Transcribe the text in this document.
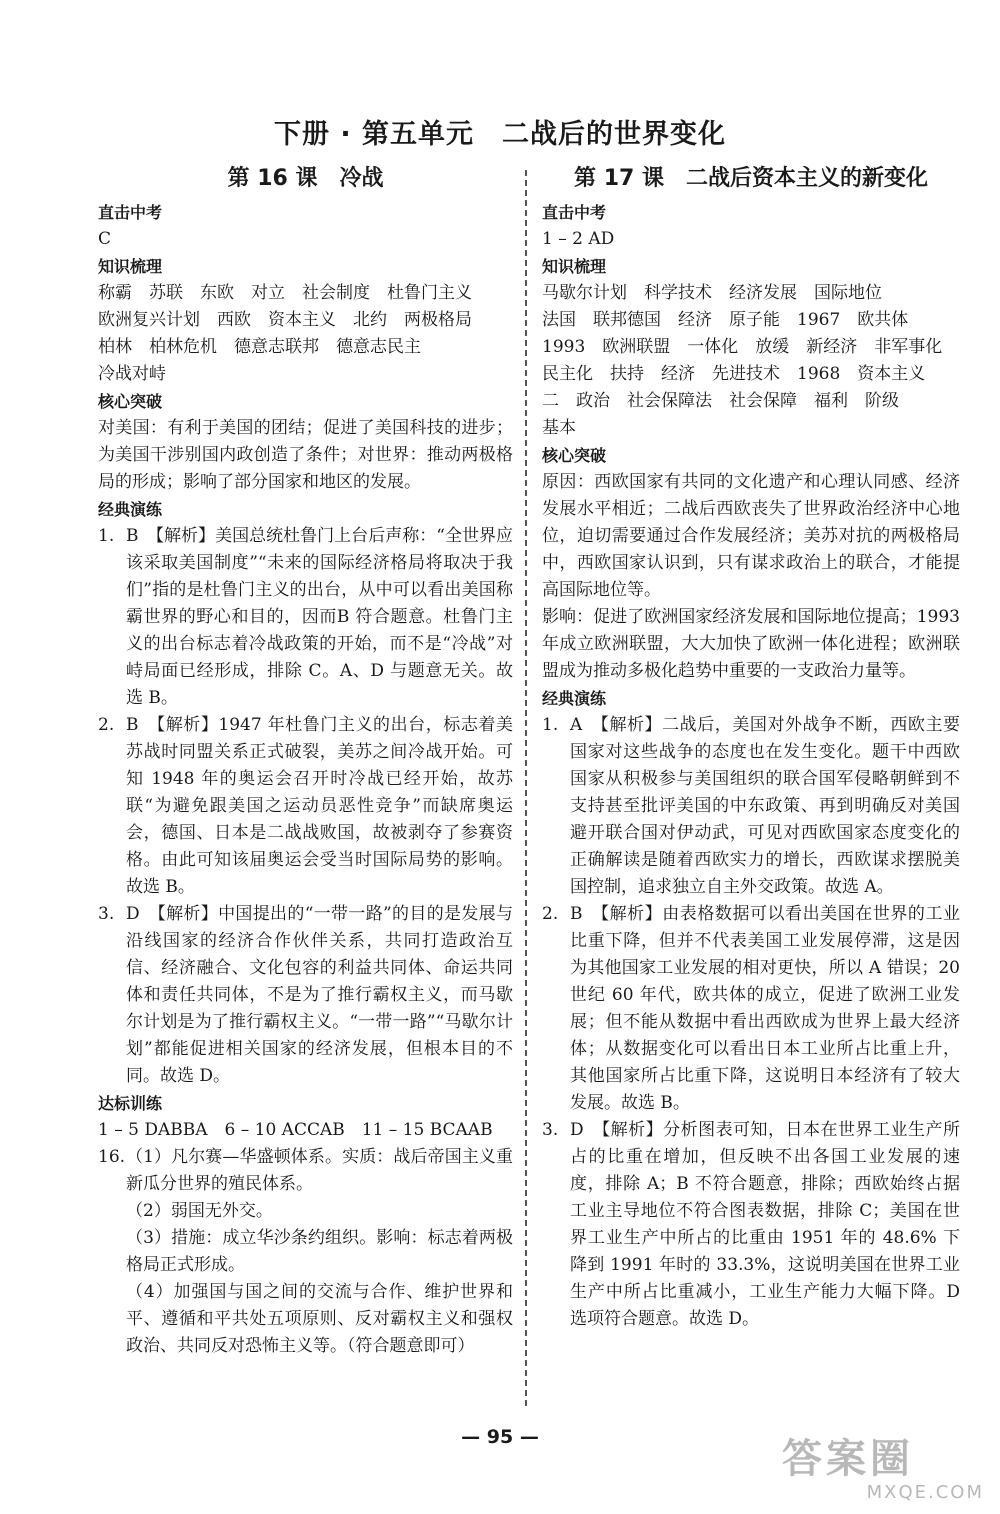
下册 · 第五单元　二战后的世界变化
第 16 课　冷战
直击中考
C
知识梳理
称霸　苏联　东欧　对立　社会制度　杜鲁门主义
欧洲复兴计划　西欧　资本主义　北约　两极格局
柏林　柏林危机　德意志联邦　德意志民主
冷战对峙
核心突破
对美国：有利于美国的团结；促进了美国科技的进步；为美国干涉别国内政创造了条件；对世界：推动两极格局的形成；影响了部分国家和地区的发展。
经典演练
1. B　【解析】美国总统杜鲁门上台后声称：“全世界应该采取美国制度”“未来的国际经济格局将取决于我们”指的是杜鲁门主义的出台，从中可以看出美国称霸世界的野心和目的，因而B 符合题意。杜鲁门主义的出台标志着冷战政策的开始，而不是“冷战”对峙局面已经形成，排除 C。A、D 与题意无关。故选 B。
2. B　【解析】1947 年杜鲁门主义的出台，标志着美苏战时同盟关系正式破裂，美苏之间冷战开始。可知 1948 年的奥运会召开时冷战已经开始，故苏联“为避免跟美国之运动员恶性竞争”而缺席奥运会，德国、日本是二战战败国，故被剥夺了参赛资格。由此可知该届奥运会受当时国际局势的影响。故选 B。
3. D　【解析】中国提出的“一带一路”的目的是发展与沿线国家的经济合作伙伴关系，共同打造政治互信、经济融合、文化包容的利益共同体、命运共同体和责任共同体，不是为了推行霸权主义，而马歇尔计划是为了推行霸权主义。“一带一路”“马歇尔计划”都能促进相关国家的经济发展，但根本目的不同。故选 D。
达标训练
1 – 5 DABBA　6 – 10 ACCAB　11 – 15 BCAAB
16. （1）凡尔赛—华盛顿体系。实质：战后帝国主义重新瓜分世界的殖民体系。
（2）弱国无外交。
（3）措施：成立华沙条约组织。影响：标志着两极格局正式形成。
（4）加强国与国之间的交流与合作、维护世界和平、遵循和平共处五项原则、反对霸权主义和强权政治、共同反对恐怖主义等。（符合题意即可）
第 17 课　二战后资本主义的新变化
直击中考
1 – 2 AD
知识梳理
马歇尔计划　科学技术　经济发展　国际地位
法国　联邦德国　经济　原子能　1967　欧共体
1993　欧洲联盟　一体化　放缓　新经济　非军事化
民主化　扶持　经济　先进技术　1968　资本主义
二　政治　社会保障法　社会保障　福利　阶级
基本
核心突破
原因：西欧国家有共同的文化遗产和心理认同感、经济发展水平相近；二战后西欧丧失了世界政治经济中心地位，迫切需要通过合作发展经济；美苏对抗的两极格局中，西欧国家认识到，只有谋求政治上的联合，才能提高国际地位等。
影响：促进了欧洲国家经济发展和国际地位提高；1993 年成立欧洲联盟，大大加快了欧洲一体化进程；欧洲联盟成为推动多极化趋势中重要的一支政治力量等。
经典演练
1. A　【解析】二战后，美国对外战争不断，西欧主要国家对这些战争的态度也在发生变化。题干中西欧国家从积极参与美国组织的联合国军侵略朝鲜到不支持甚至批评美国的中东政策、再到明确反对美国避开联合国对伊动武，可见对西欧国家态度变化的正确解读是随着西欧实力的增长，西欧谋求摆脱美国控制，追求独立自主外交政策。故选 A。
2. B　【解析】由表格数据可以看出美国在世界的工业比重下降，但并不代表美国工业发展停滞，这是因为其他国家工业发展的相对更快，所以 A 错误；20 世纪 60 年代，欧共体的成立，促进了欧洲工业发展；但不能从数据中看出西欧成为世界上最大经济体；从数据变化可以看出日本工业所占比重上升，其他国家所占比重下降，这说明日本经济有了较大发展。故选 B。
3. D　【解析】分析图表可知，日本在世界工业生产所占的比重在增加，但反映不出各国工业发展的速度，排除 A；B 不符合题意，排除；西欧始终占据工业主导地位不符合图表数据，排除 C；美国在世界工业生产中所占的比重由 1951 年的 48.6% 下降到 1991 年时的 33.3%，这说明美国在世界工业生产中所占比重减小，工业生产能力大幅下降。D 选项符合题意。故选 D。
— 95 —	答案圈
MXQE.COM
